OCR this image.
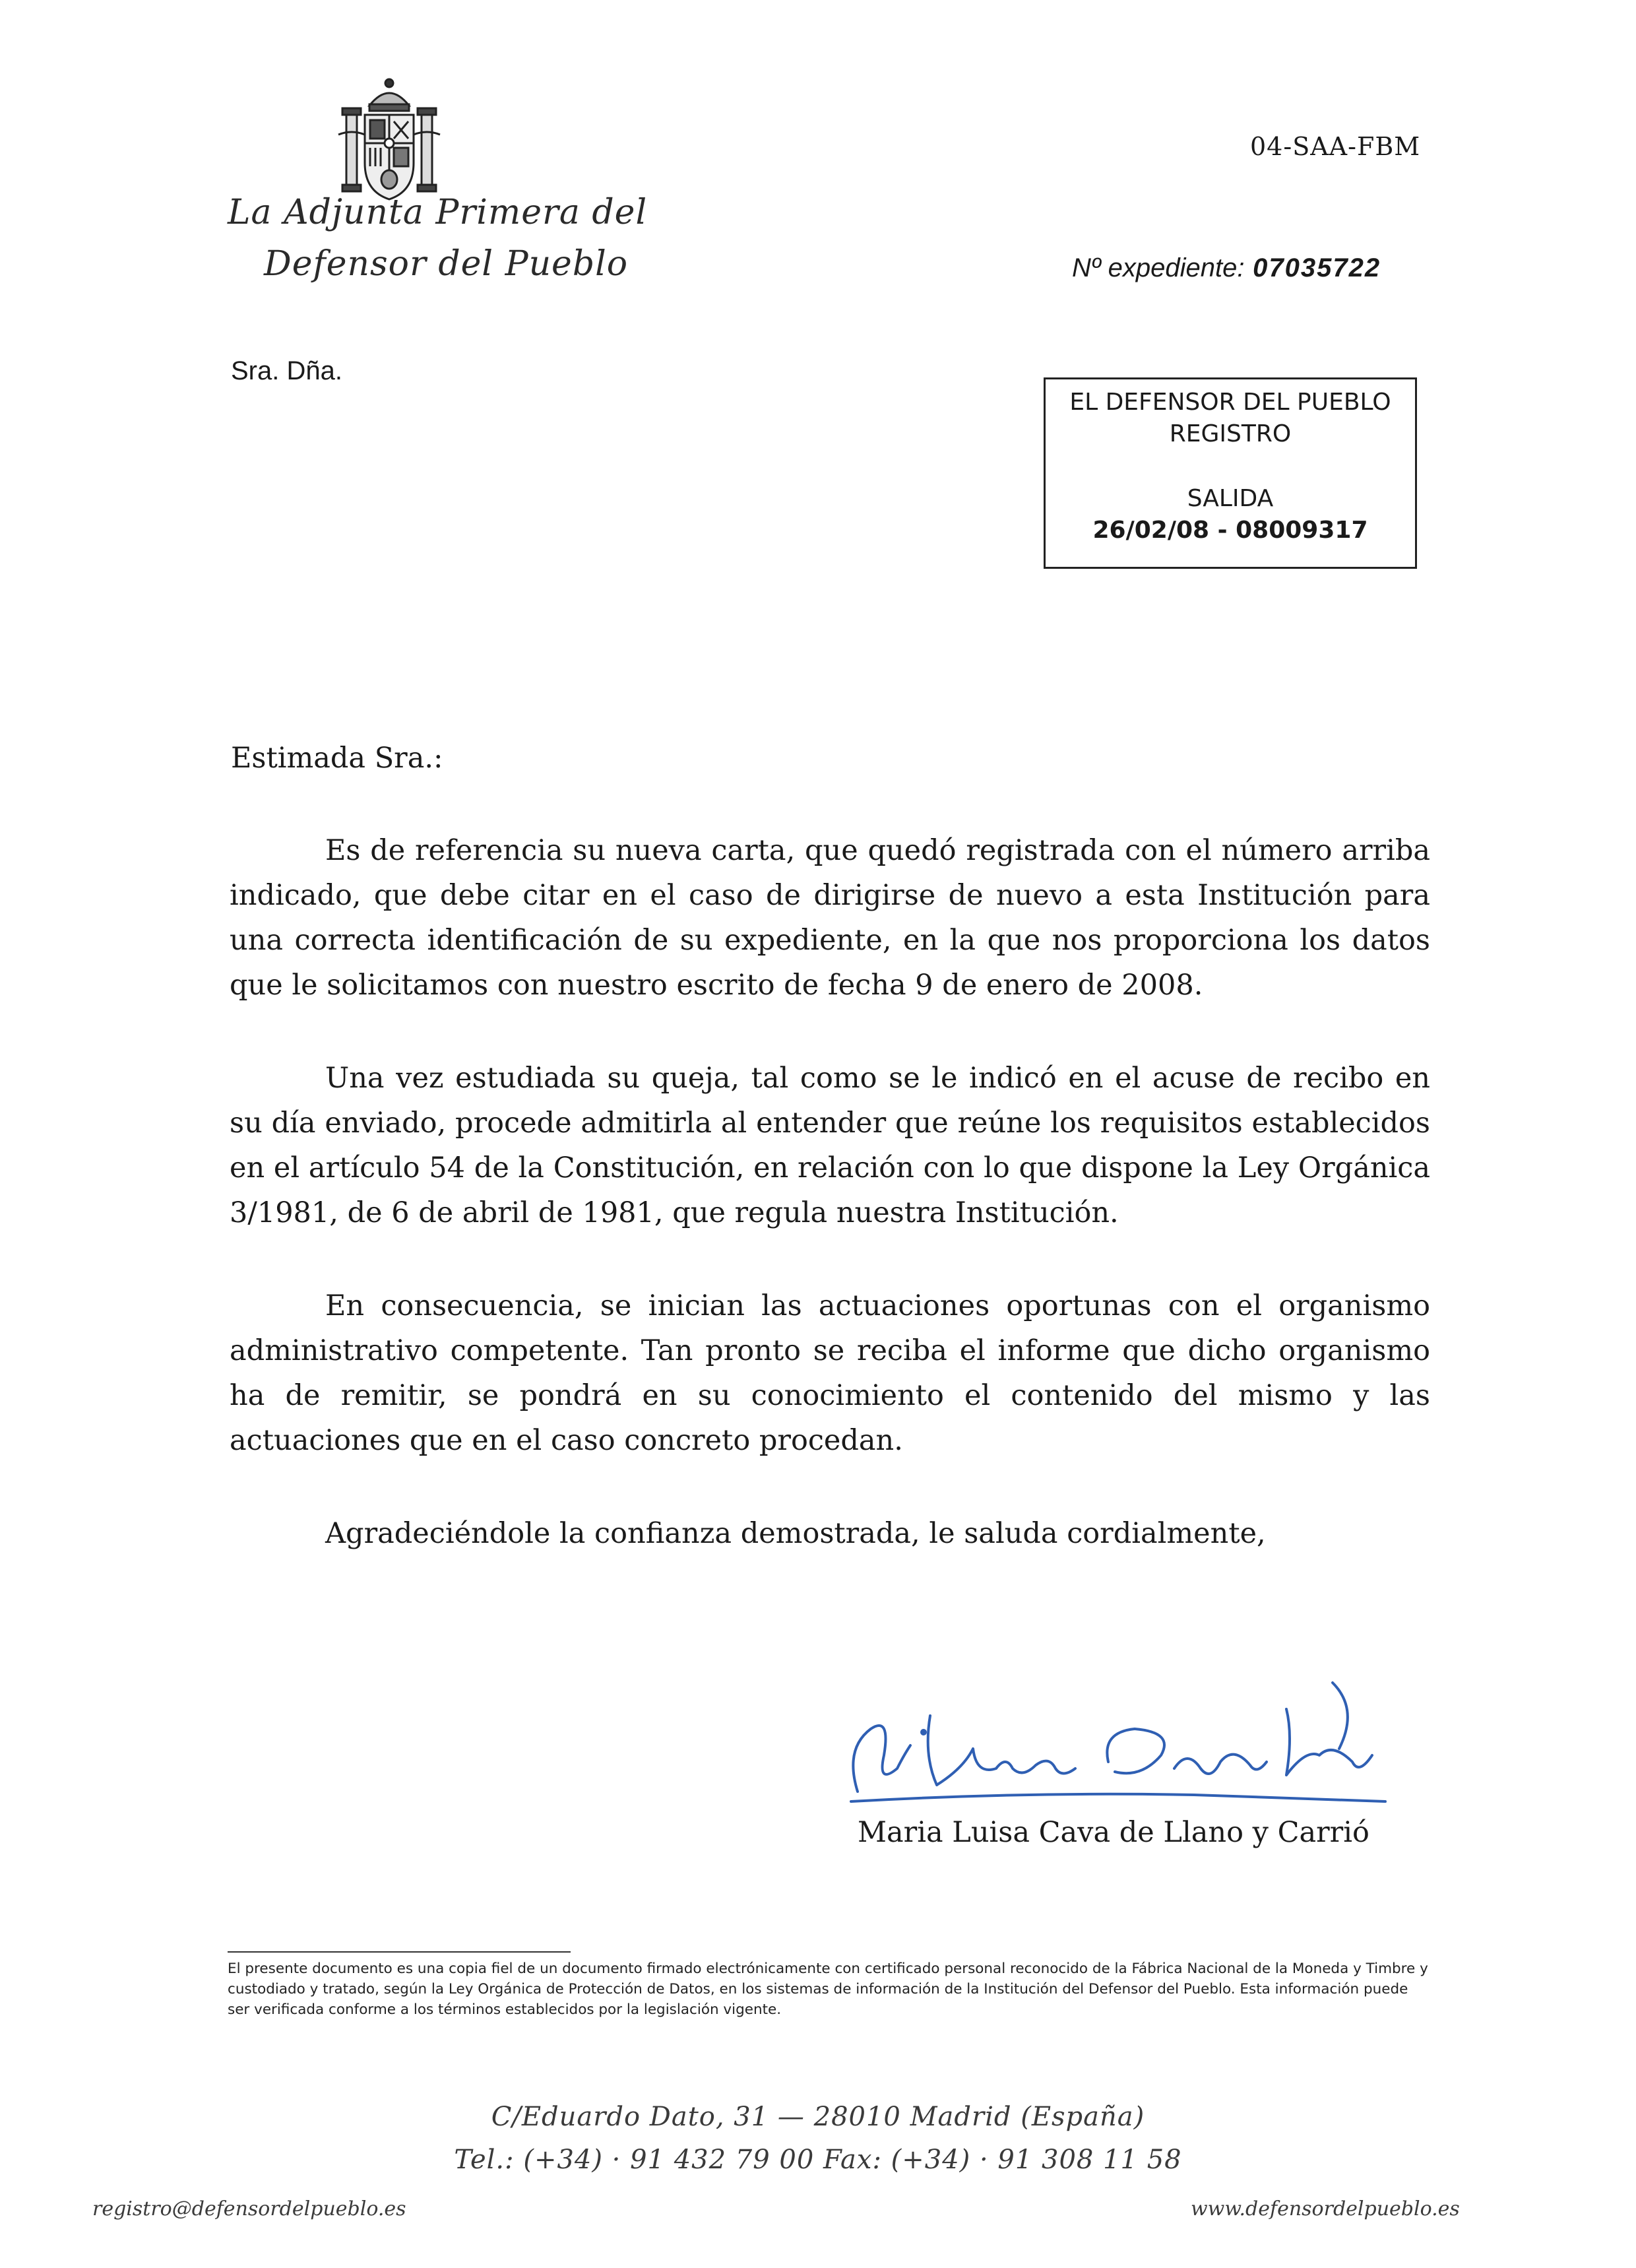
La Adjunta Primera del
Defensor del Pueblo
04-SAA-FBM
Nº expediente: 07035722
Sra. Dña.
EL DEFENSOR DEL PUEBLO
REGISTRO
SALIDA
26/02/08 - 08009317
Estimada Sra.:

Es de referencia su nueva carta, que quedó registrada con el número arriba indicado, que debe citar en el caso de dirigirse de nuevo a esta Institución para una correcta identificación de su expediente, en la que nos proporciona los datos que le solicitamos con nuestro escrito de fecha 9 de enero de 2008.

Una vez estudiada su queja, tal como se le indicó en el acuse de recibo en su día enviado, procede admitirla al entender que reúne los requisitos establecidos en el artículo 54 de la Constitución, en relación con lo que dispone la Ley Orgánica 3/1981, de 6 de abril de 1981, que regula nuestra Institución.

En consecuencia, se inician las actuaciones oportunas con el organismo administrativo competente. Tan pronto se reciba el informe que dicho organismo ha de remitir, se pondrá en su conocimiento el contenido del mismo y las actuaciones que en el caso concreto procedan.

Agradeciéndole la confianza demostrada, le saluda cordialmente,
Maria Luisa Cava de Llano y Carrió
El presente documento es una copia fiel de un documento firmado electrónicamente con certificado personal reconocido de la Fábrica Nacional de la Moneda y Timbre y custodiado y tratado, según la Ley Orgánica de Protección de Datos, en los sistemas de información de la Institución del Defensor del Pueblo. Esta información puede ser verificada conforme a los términos establecidos por la legislación vigente.
C/Eduardo Dato, 31 — 28010 Madrid (España)
Tel.: (+34) · 91 432 79 00 Fax: (+34) · 91 308 11 58
registro@defensordelpueblo.es	www.defensordelpueblo.es
